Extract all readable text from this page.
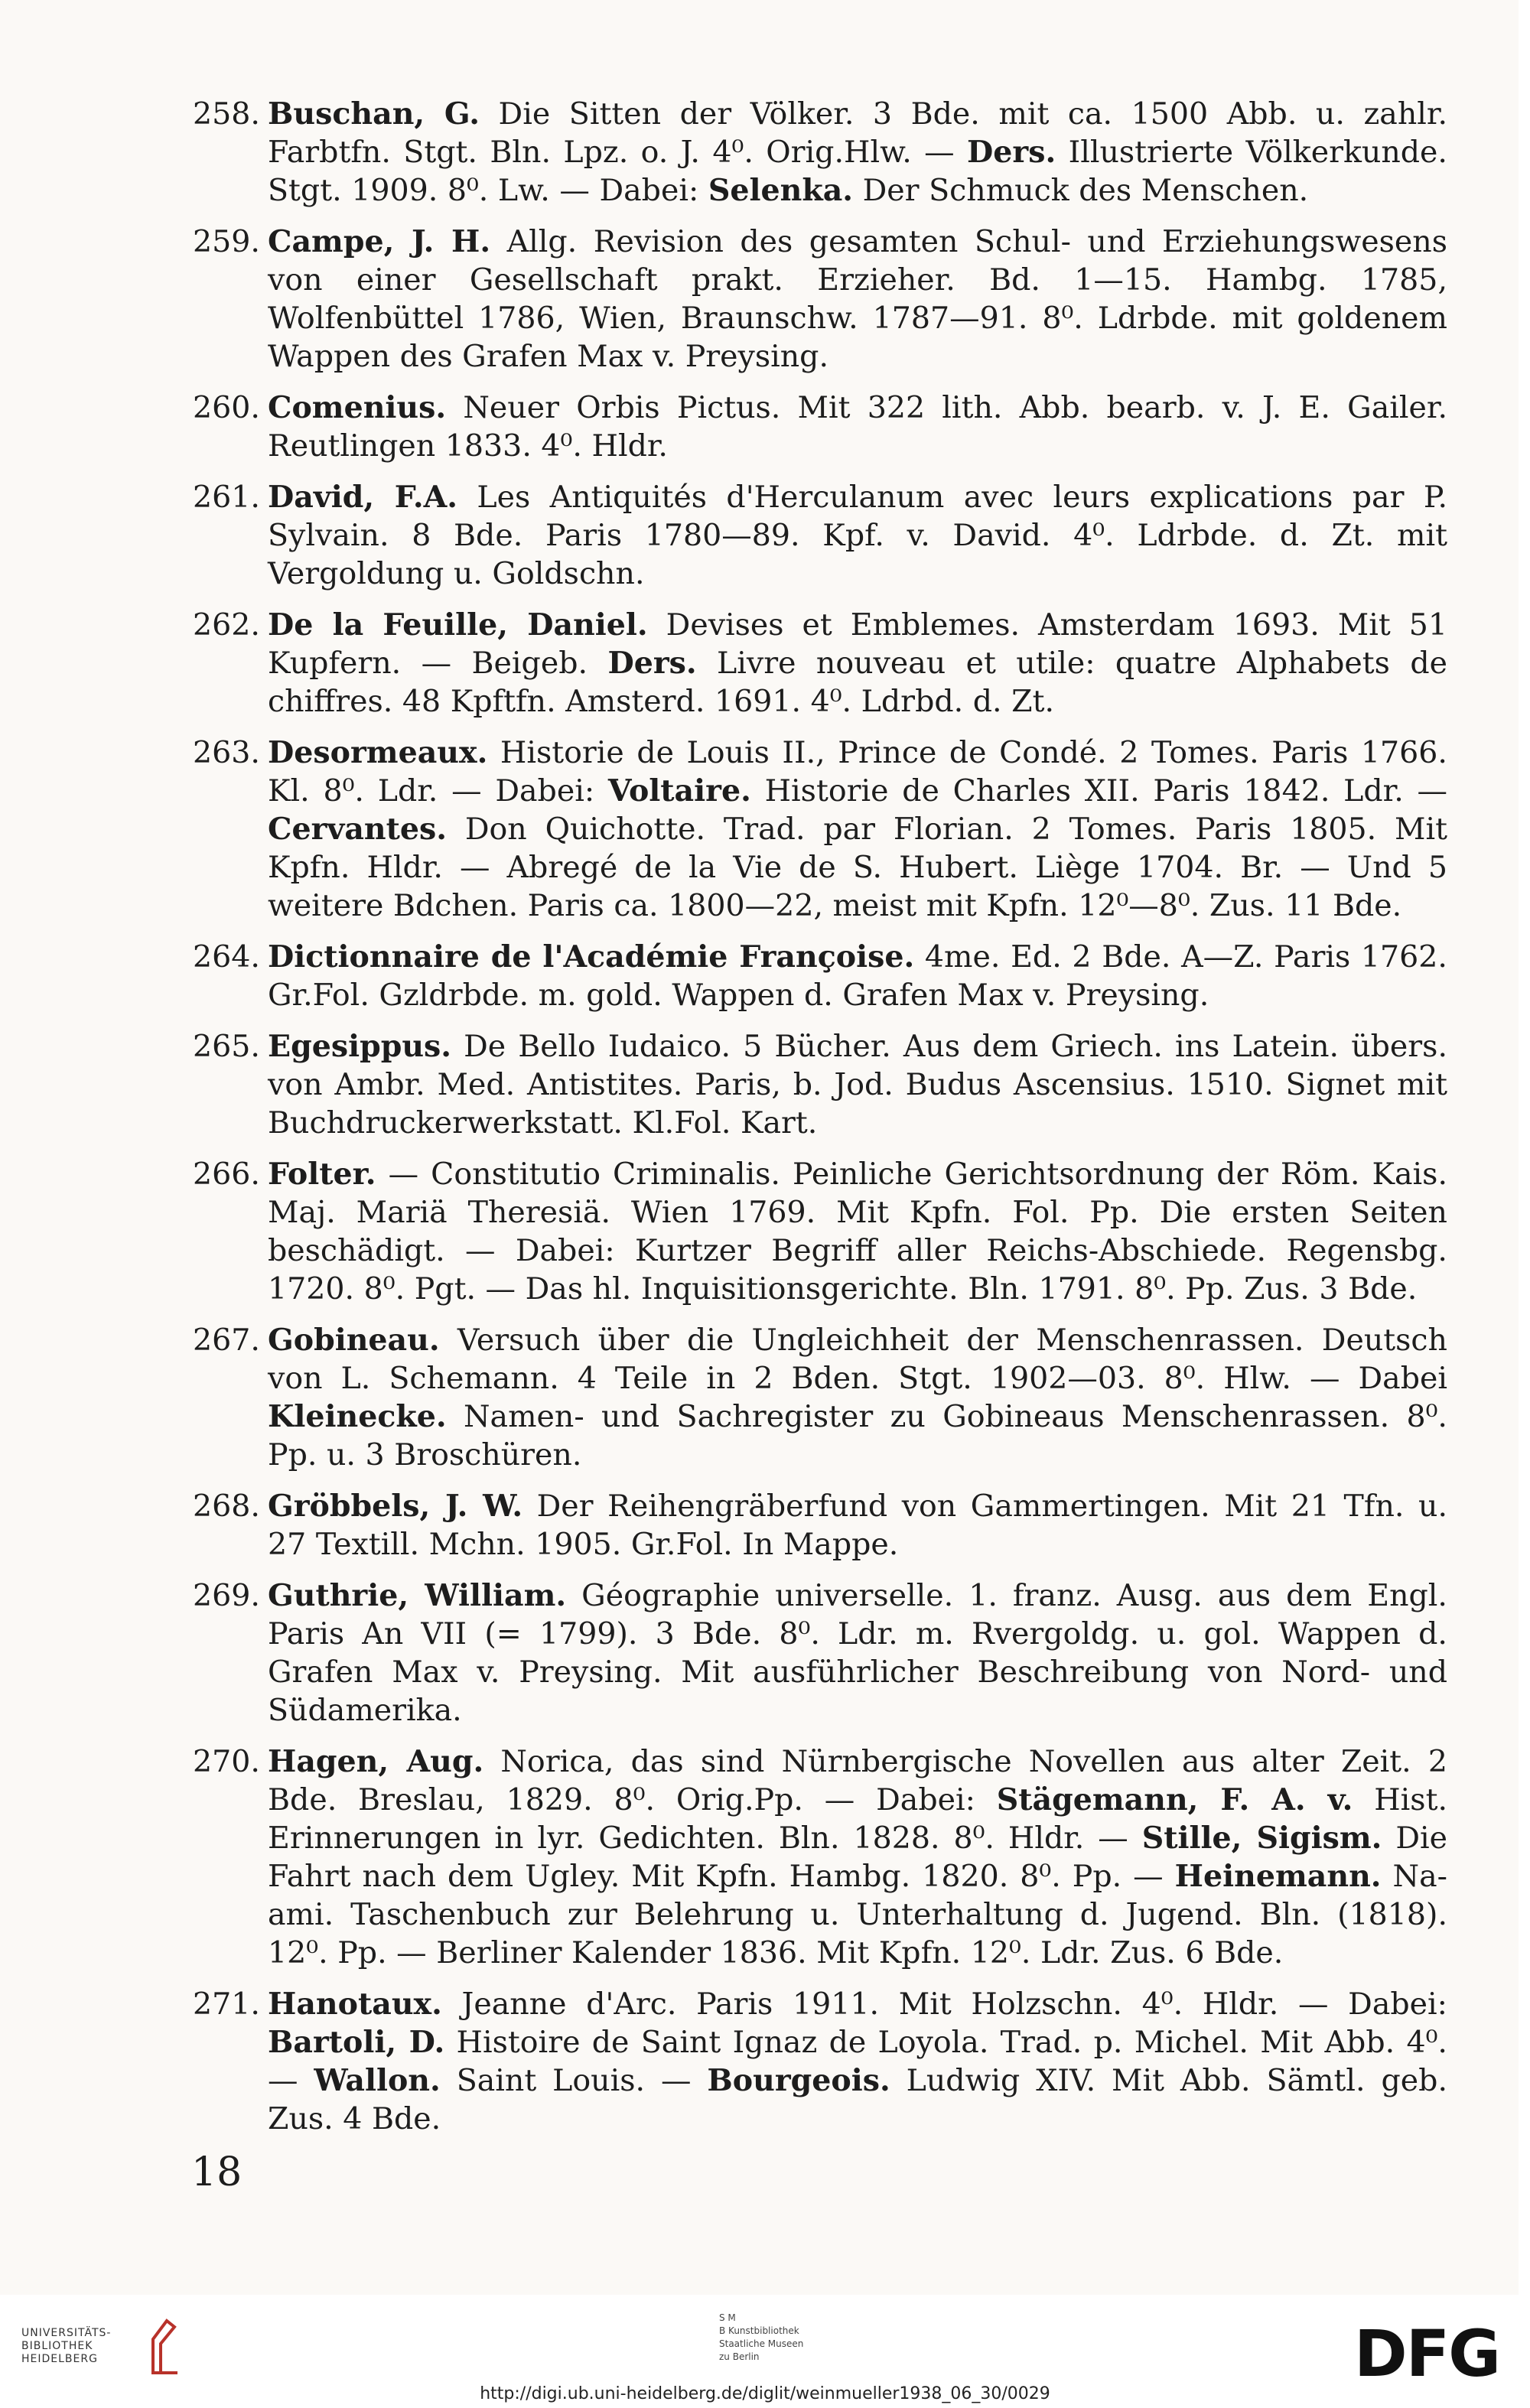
258. Buschan, G. Die Sitten der Völker. 3 Bde. mit ca. 1500 Abb. u. zahlr. Farbtfn. Stgt. Bln. Lpz. o. J. 4⁰. Orig.Hlw. — Ders. Illustrierte Völkerkunde. Stgt. 1909. 8⁰. Lw. — Dabei: Selenka. Der Schmuck des Menschen.
259. Campe, J. H. Allg. Revision des gesamten Schul- und Erziehungswesens von einer Gesellschaft prakt. Erzieher. Bd. 1—15. Hambg. 1785, Wolfenbüttel 1786, Wien, Braunschw. 1787—91. 8⁰. Ldrbde. mit goldenem Wappen des Grafen Max v. Preysing.
260. Comenius. Neuer Orbis Pictus. Mit 322 lith. Abb. bearb. v. J. E. Gailer. Reutlingen 1833. 4⁰. Hldr.
261. David, F.A. Les Antiquités d'Herculanum avec leurs explications par P. Sylvain. 8 Bde. Paris 1780—89. Kpf. v. David. 4⁰. Ldrbde. d. Zt. mit Vergoldung u. Goldschn.
262. De la Feuille, Daniel. Devises et Emblemes. Amsterdam 1693. Mit 51 Kupfern. — Beigeb. Ders. Livre nouveau et utile: quatre Alphabets de chiffres. 48 Kpftfn. Amsterd. 1691. 4⁰. Ldrbd. d. Zt.
263. Desormeaux. Historie de Louis II., Prince de Condé. 2 Tomes. Paris 1766. Kl. 8⁰. Ldr. — Dabei: Voltaire. Historie de Charles XII. Paris 1842. Ldr. — Cervantes. Don Quichotte. Trad. par Florian. 2 Tomes. Paris 1805. Mit Kpfn. Hldr. — Abregé de la Vie de S. Hubert. Liège 1704. Br. — Und 5 weitere Bdchen. Paris ca. 1800—22, meist mit Kpfn. 12⁰—8⁰. Zus. 11 Bde.
264. Dictionnaire de l'Académie Françoise. 4me. Ed. 2 Bde. A—Z. Paris 1762. Gr.Fol. Gzldrbde. m. gold. Wappen d. Grafen Max v. Preysing.
265. Egesippus. De Bello Iudaico. 5 Bücher. Aus dem Griech. ins Latein. übers. von Ambr. Med. Antistites. Paris, b. Jod. Budus Ascensius. 1510. Signet mit Buchdruckerwerkstatt. Kl.Fol. Kart.
266. Folter. — Constitutio Criminalis. Peinliche Gerichtsordnung der Röm. Kais. Maj. Mariä Theresiä. Wien 1769. Mit Kpfn. Fol. Pp. Die ersten Seiten beschädigt. — Dabei: Kurtzer Begriff aller Reichs-Abschiede. Regensbg. 1720. 8⁰. Pgt. — Das hl. Inquisitionsgerichte. Bln. 1791. 8⁰. Pp. Zus. 3 Bde.
267. Gobineau. Versuch über die Ungleichheit der Menschenrassen. Deutsch von L. Schemann. 4 Teile in 2 Bden. Stgt. 1902—03. 8⁰. Hlw. — Dabei Kleinecke. Namen- und Sachregister zu Gobineaus Menschenrassen. 8⁰. Pp. u. 3 Broschüren.
268. Gröbbels, J. W. Der Reihengräberfund von Gammertingen. Mit 21 Tfn. u. 27 Textill. Mchn. 1905. Gr.Fol. In Mappe.
269. Guthrie, William. Géographie universelle. 1. franz. Ausg. aus dem Engl. Paris An VII (= 1799). 3 Bde. 8⁰. Ldr. m. Rvergoldg. u. gol. Wappen d. Grafen Max v. Preysing. Mit ausführlicher Beschreibung von Nord- und Südamerika.
270. Hagen, Aug. Norica, das sind Nürnbergische Novellen aus alter Zeit. 2 Bde. Breslau, 1829. 8⁰. Orig.Pp. — Dabei: Stägemann, F. A. v. Hist. Erinnerungen in lyr. Gedichten. Bln. 1828. 8⁰. Hldr. — Stille, Sigism. Die Fahrt nach dem Ugley. Mit Kpfn. Hambg. 1820. 8⁰. Pp. — Heinemann. Na-ami. Taschenbuch zur Belehrung u. Unterhaltung d. Jugend. Bln. (1818). 12⁰. Pp. — Berliner Kalender 1836. Mit Kpfn. 12⁰. Ldr. Zus. 6 Bde.
271. Hanotaux. Jeanne d'Arc. Paris 1911. Mit Holzschn. 4⁰. Hldr. — Dabei: Bartoli, D. Histoire de Saint Ignaz de Loyola. Trad. p. Michel. Mit Abb. 4⁰. — Wallon. Saint Louis. — Bourgeois. Ludwig XIV. Mit Abb. Sämtl. geb. Zus. 4 Bde.
18
UNIVERSITÄTS-
BIBLIOTHEK
HEIDELBERG
S M
B Kunstbibliothek
Staatliche Museen
zu Berlin	DFG
http://digi.ub.uni-heidelberg.de/diglit/weinmueller1938_06_30/0029
